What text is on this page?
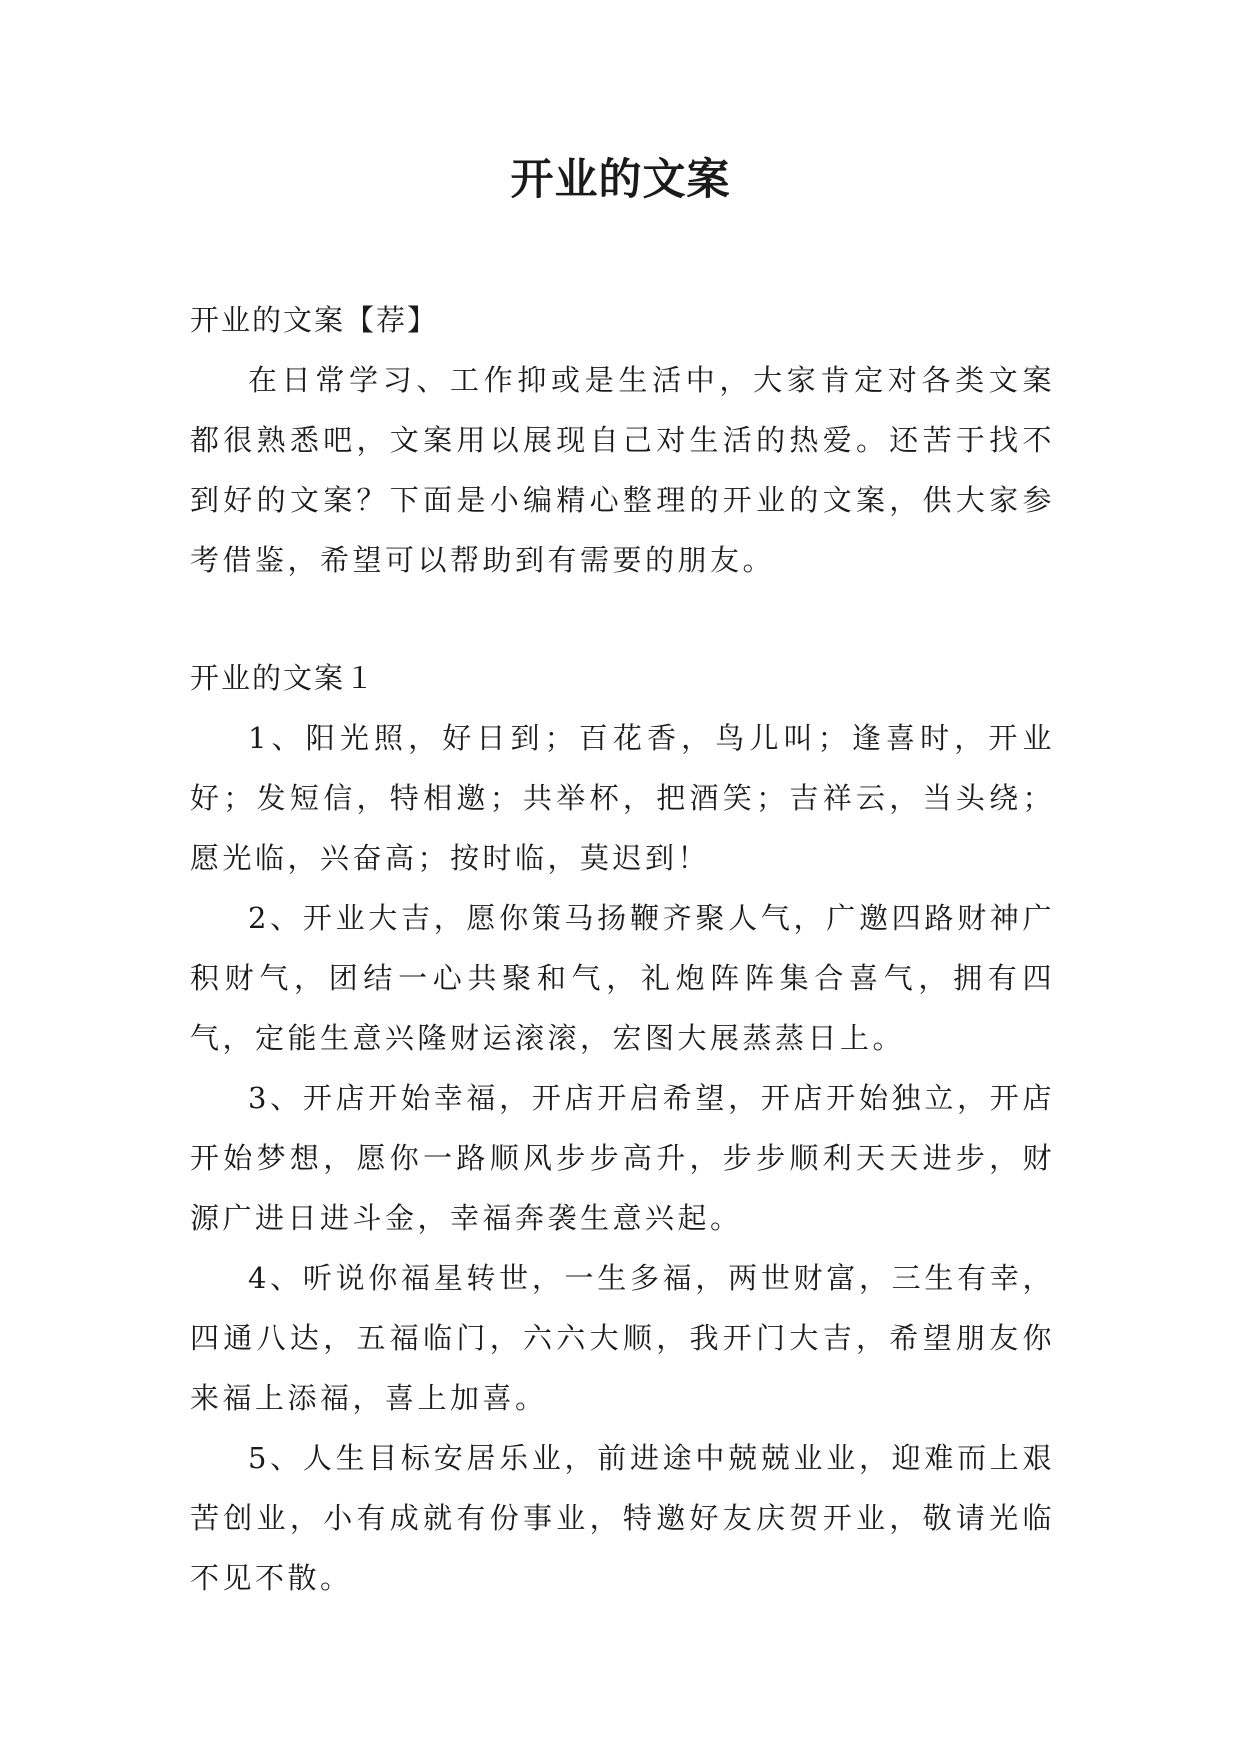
开业的文案

开业的文案【荐】

在日常学习、工作抑或是生活中，大家肯定对各类文案都很熟悉吧，文案用以展现自己对生活的热爱。还苦于找不到好的文案？下面是小编精心整理的开业的文案，供大家参考借鉴，希望可以帮助到有需要的朋友。

开业的文案１

1、阳光照，好日到；百花香，鸟儿叫；逢喜时，开业好；发短信，特相邀；共举杯，把酒笑；吉祥云，当头绕；愿光临，兴奋高；按时临，莫迟到！

2、开业大吉，愿你策马扬鞭齐聚人气，广邀四路财神广积财气，团结一心共聚和气，礼炮阵阵集合喜气，拥有四气，定能生意兴隆财运滚滚，宏图大展蒸蒸日上。

3、开店开始幸福，开店开启希望，开店开始独立，开店开始梦想，愿你一路顺风步步高升，步步顺利天天进步，财源广进日进斗金，幸福奔袭生意兴起。

4、听说你福星转世，一生多福，两世财富，三生有幸，四通八达，五福临门，六六大顺，我开门大吉，希望朋友你来福上添福，喜上加喜。

5、人生目标安居乐业，前进途中兢兢业业，迎难而上艰苦创业，小有成就有份事业，特邀好友庆贺开业，敬请光临不见不散。
